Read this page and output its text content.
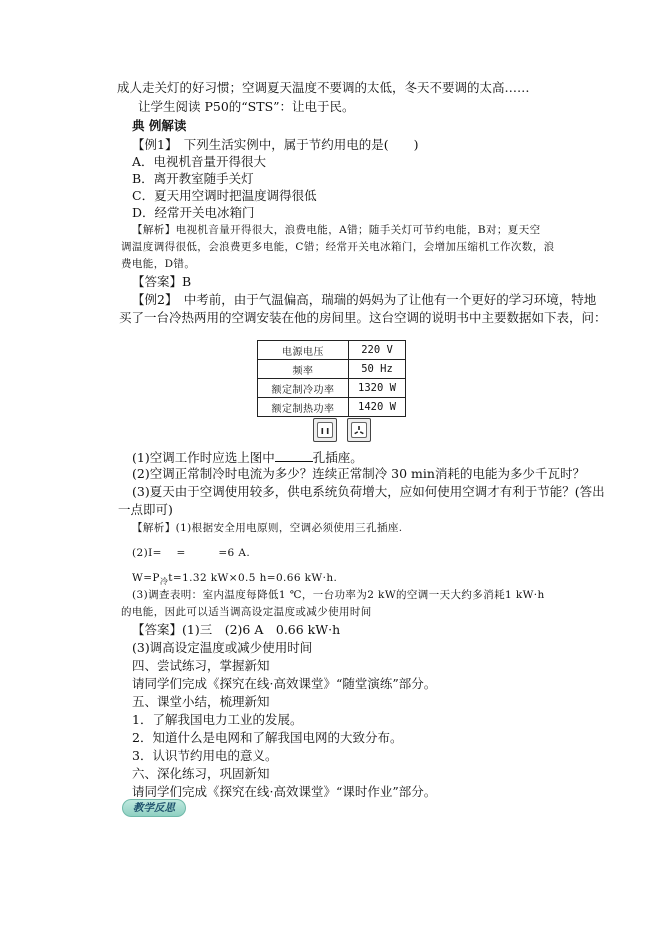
成人走关灯的好习惯；空调夏天温度不要调的太低，冬天不要调的太高……
让学生阅读 P50的“STS”：让电于民。
典 例解读
【例1】　下列生活实例中，属于节约用电的是(　　)
A．电视机音量开得很大
B．离开教室随手关灯
C．夏天用空调时把温度调得很低
D．经常开关电冰箱门
【解析】电视机音量开得很大，浪费电能，A错；随手关灯可节约电能，B对；夏天空
调温度调得很低，会浪费更多电能，C错；经常开关电冰箱门，会增加压缩机工作次数，浪
费电能，D错。
【答案】B
【例2】　中考前，由于气温偏高，瑞瑞的妈妈为了让他有一个更好的学习环境，特地
买了一台冷热两用的空调安装在他的房间里。这台空调的说明书中主要数据如下表，问：
电源电压	220 V
频率	50 Hz
额定制冷功率	1320 W
额定制热功率	1420 W
(1)空调工作时应选上图中	孔插座。
(2)空调正常制冷时电流为多少？连续正常制冷 30 min消耗的电能为多少千瓦时？
(3)夏天由于空调使用较多，供电系统负荷增大，应如何使用空调才有利于节能？(答出
一点即可)
【解析】(1)根据安全用电原则，空调必须使用三孔插座.
(2)I=　 =　　　=6 A.
$W=P_冷t=1.32$ kW×0.5 h=0.66 kW·h.
(3)调查表明：室内温度每降低1 ℃，一台功率为2 kW的空调一天大约多消耗1 kW·h
的电能，因此可以适当调高设定温度或减少使用时间
【答案】(1)三　(2)6 A　0.66 kW·h
(3)调高设定温度或减少使用时间
四、尝试练习，掌握新知
请同学们完成《探究在线·高效课堂》“随堂演练”部分。
五、课堂小结，梳理新知
1．了解我国电力工业的发展。
2．知道什么是电网和了解我国电网的大致分布。
3．认识节约用电的意义。
六、深化练习，巩固新知
请同学们完成《探究在线·高效课堂》“课时作业”部分。
教学反思
